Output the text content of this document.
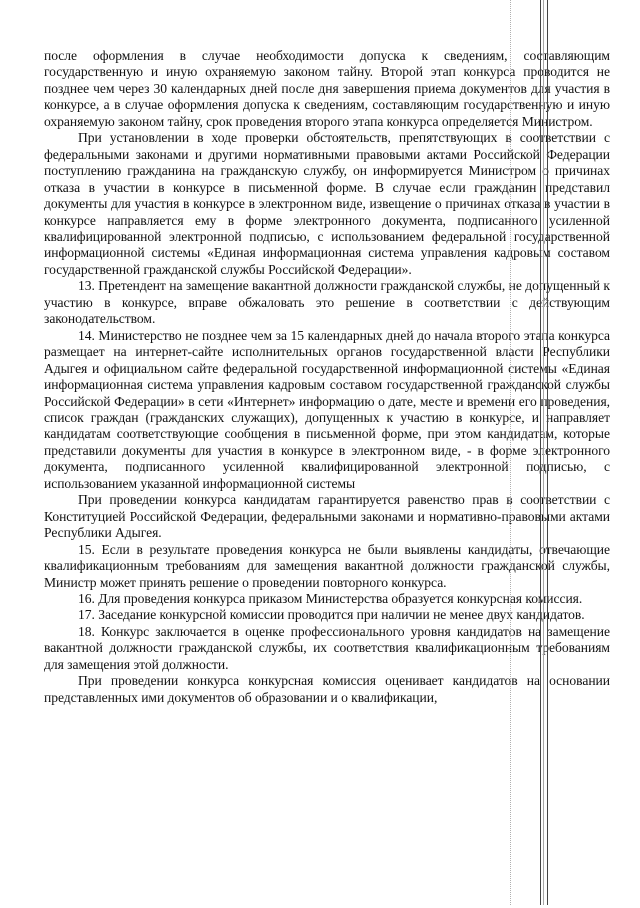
после оформления в случае необходимости допуска к сведениям, составляющим государственную и иную охраняемую законом тайну. Второй этап конкурса проводится не позднее чем через 30 календарных дней после дня завершения приема документов для участия в конкурсе, а в случае оформления допуска к сведениям, составляющим государственную и иную охраняемую законом тайну, срок проведения второго этапа конкурса определяется Министром.

При установлении в ходе проверки обстоятельств, препятствующих в соответствии с федеральными законами и другими нормативными правовыми актами Российской Федерации поступлению гражданина на гражданскую службу, он информируется Министром о причинах отказа в участии в конкурсе в письменной форме. В случае если гражданин представил документы для участия в конкурсе в электронном виде, извещение о причинах отказа в участии в конкурсе направляется ему в форме электронного документа, подписанного усиленной квалифицированной электронной подписью, с использованием федеральной государственной информационной системы «Единая информационная система управления кадровым составом государственной гражданской службы Российской Федерации».

13. Претендент на замещение вакантной должности гражданской службы, не допущенный к участию в конкурсе, вправе обжаловать это решение в соответствии с действующим законодательством.

14. Министерство не позднее чем за 15 календарных дней до начала второго этапа конкурса размещает на интернет-сайте исполнительных органов государственной власти Республики Адыгея и официальном сайте федеральной государственной информационной системы «Единая информационная система управления кадровым составом государственной гражданской службы Российской Федерации» в сети «Интернет» информацию о дате, месте и времени его проведения, список граждан (гражданских служащих), допущенных к участию в конкурсе, и направляет кандидатам соответствующие сообщения в письменной форме, при этом кандидатам, которые представили документы для участия в конкурсе в электронном виде, - в форме электронного документа, подписанного усиленной квалифицированной электронной подписью, с использованием указанной информационной системы

При проведении конкурса кандидатам гарантируется равенство прав в соответствии с Конституцией Российской Федерации, федеральными законами и нормативно-правовыми актами Республики Адыгея.

15. Если в результате проведения конкурса не были выявлены кандидаты, отвечающие квалификационным требованиям для замещения вакантной должности гражданской службы, Министр может принять решение о проведении повторного конкурса.

16. Для проведения конкурса приказом Министерства образуется конкурсная комиссия.

17. Заседание конкурсной комиссии проводится при наличии не менее двух кандидатов.

18. Конкурс заключается в оценке профессионального уровня кандидатов на замещение вакантной должности гражданской службы, их соответствия квалификационным требованиям для замещения этой должности.

При проведении конкурса конкурсная комиссия оценивает кандидатов на основании представленных ими документов об образовании и о квалификации,
